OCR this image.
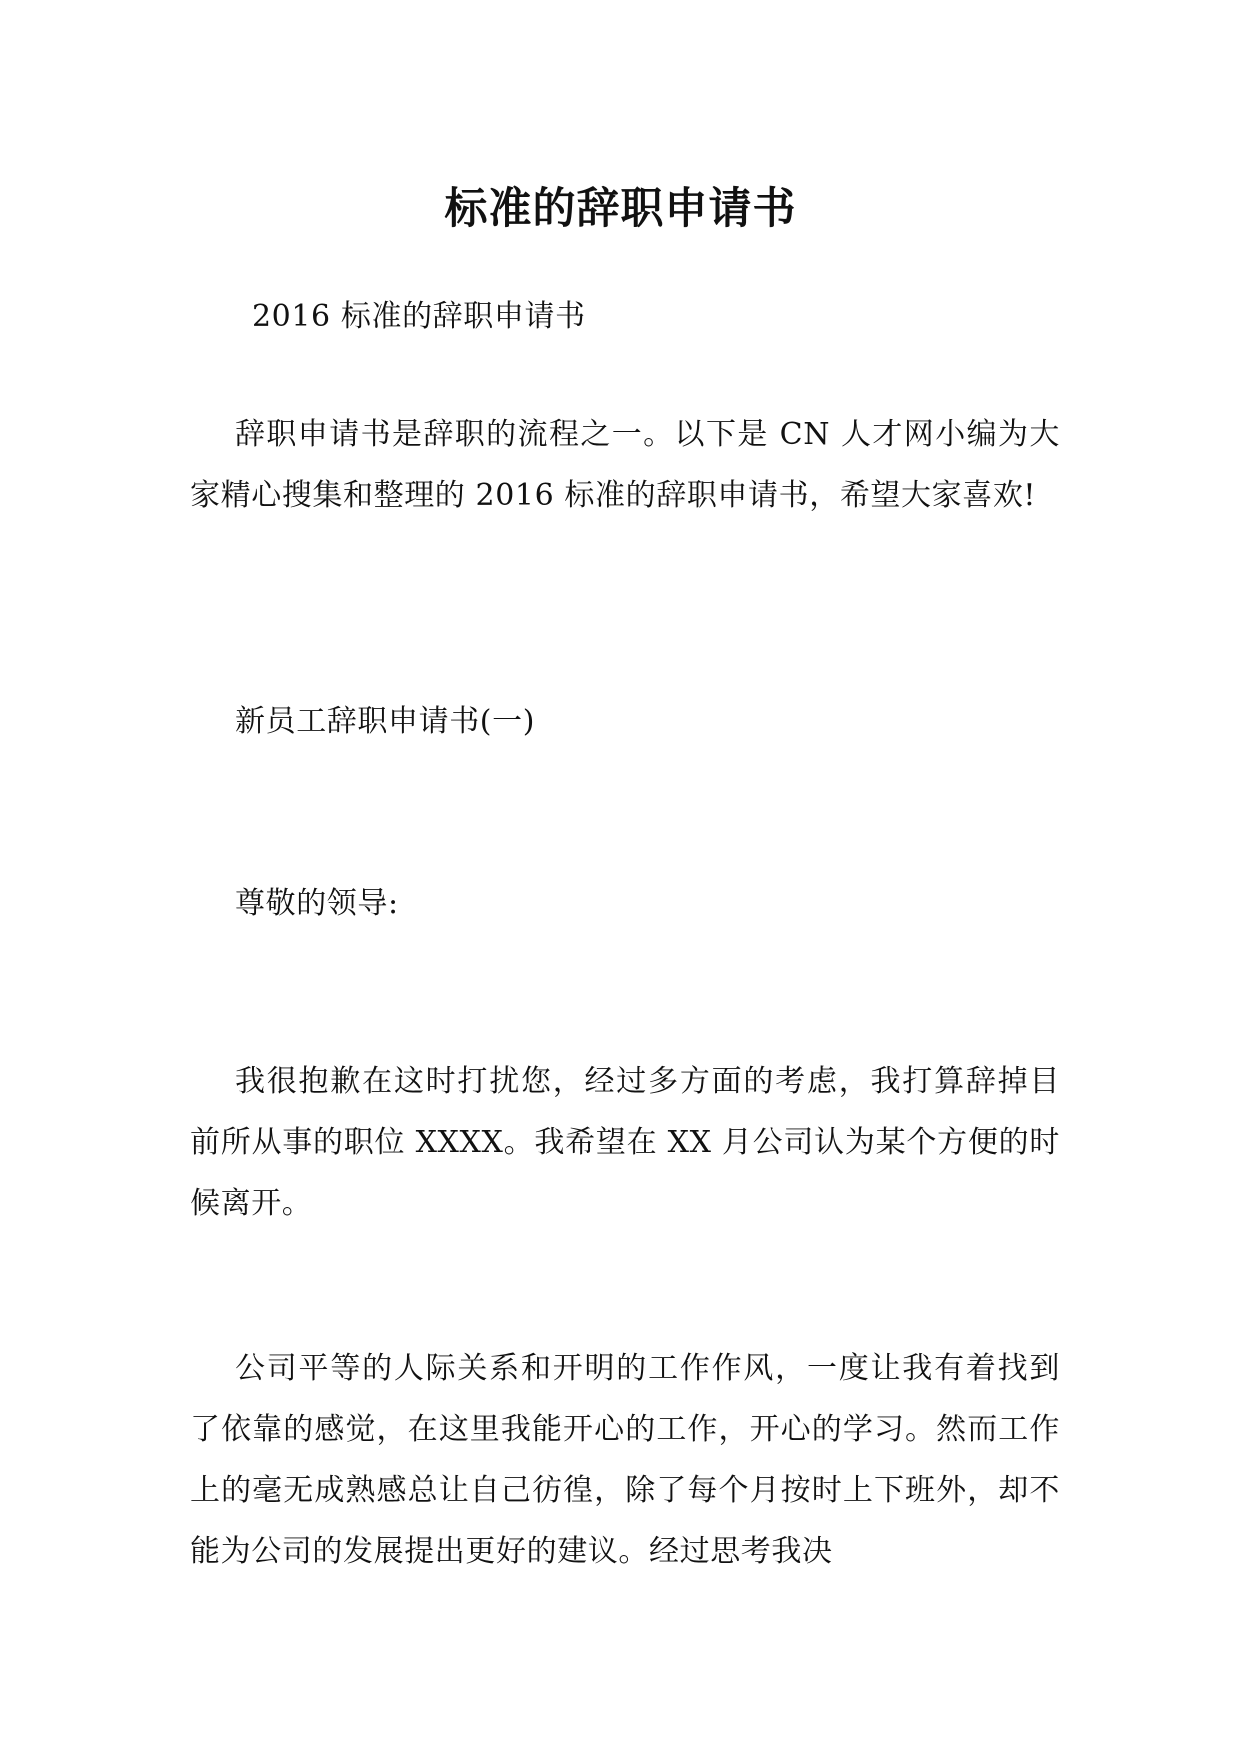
标准的辞职申请书

2016 标准的辞职申请书

辞职申请书是辞职的流程之一。以下是 CN 人才网小编为大家精心搜集和整理的 2016 标准的辞职申请书，希望大家喜欢!

新员工辞职申请书(一)

尊敬的领导:

我很抱歉在这时打扰您，经过多方面的考虑，我打算辞掉目前所从事的职位 XXXX。我希望在 XX 月公司认为某个方便的时候离开。

公司平等的人际关系和开明的工作作风，一度让我有着找到了依靠的感觉，在这里我能开心的工作，开心的学习。然而工作上的毫无成熟感总让自己彷徨，除了每个月按时上下班外，却不能为公司的发展提出更好的建议。经过思考我决
